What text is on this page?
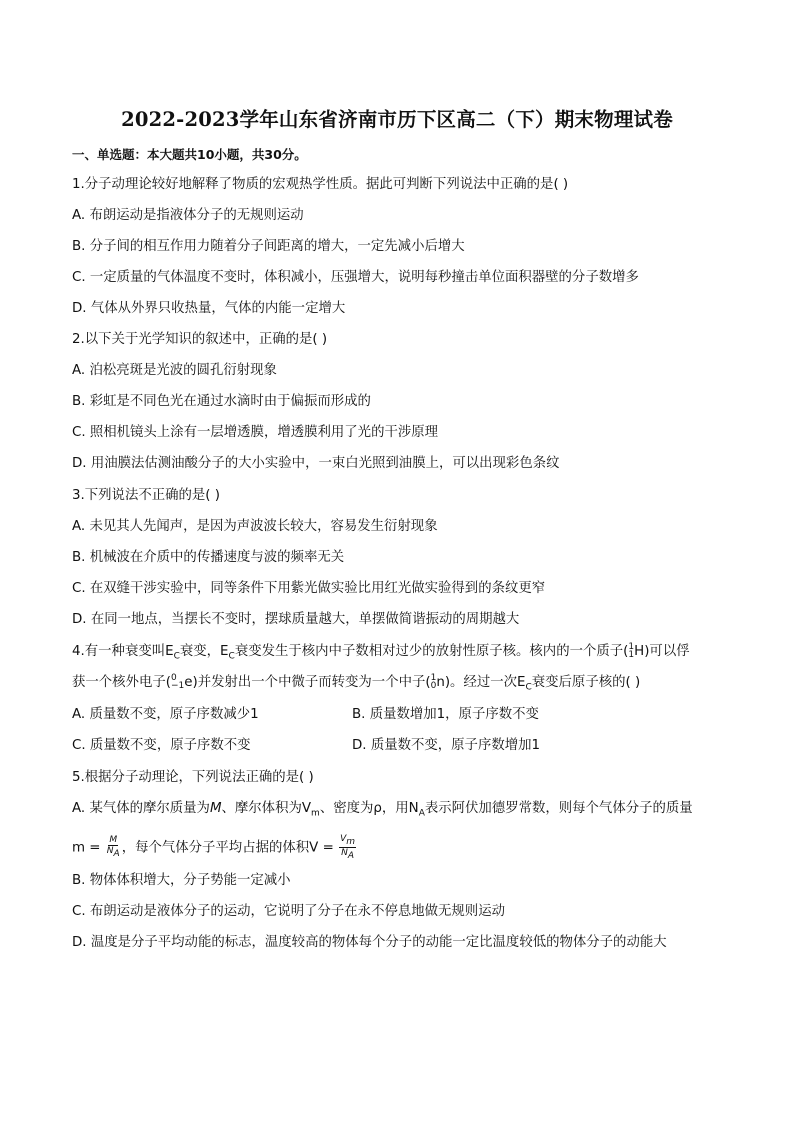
2022-2023学年山东省济南市历下区高二（下）期末物理试卷
一、单选题：本大题共10小题，共30分。
1.分子动理论较好地解释了物质的宏观热学性质。据此可判断下列说法中正确的是( )
A. 布朗运动是指液体分子的无规则运动
B. 分子间的相互作用力随着分子间距离的增大，一定先减小后增大
C. 一定质量的气体温度不变时，体积减小，压强增大，说明每秒撞击单位面积器壁的分子数增多
D. 气体从外界只收热量，气体的内能一定增大
2.以下关于光学知识的叙述中，正确的是( )
A. 泊松亮斑是光波的圆孔衍射现象
B. 彩虹是不同色光在通过水滴时由于偏振而形成的
C. 照相机镜头上涂有一层增透膜，增透膜利用了光的干涉原理
D. 用油膜法估测油酸分子的大小实验中，一束白光照到油膜上，可以出现彩色条纹
3.下列说法不正确的是( )
A. 未见其人先闻声，是因为声波波长较大，容易发生衍射现象
B. 机械波在介质中的传播速度与波的频率无关
C. 在双缝干涉实验中，同等条件下用紫光做实验比用红光做实验得到的条纹更窄
D. 在同一地点，当摆长不变时，摆球质量越大，单摆做简谐振动的周期越大
4.有一种衰变叫$E_C$衰变，$E_C$衰变发生于核内中子数相对过少的放射性原子核。核内的一个质子( 1
1 H)可以俘
获一个核外电子( 0
−1 e)并发射出一个中微子而转变为一个中子( 1
0 n)。经过一次$E_C$衰变后原子核的( )
A. 质量数不变，原子序数减少1	B. 质量数增加1，原子序数不变
C. 质量数不变，原子序数不变	D. 质量数不变，原子序数增加1
5.根据分子动理论，下列说法正确的是( )
A. 某气体的摩尔质量为M、摩尔体积为$V_m$、密度为ρ，用$N_A$表示阿伏加德罗常数，则每个气体分子的质量
$m = \frac{M}{N_A}$ ，每个气体分子平均占据的体积$V = \frac{V_m}{N_A}$
B. 物体体积增大，分子势能一定减小
C. 布朗运动是液体分子的运动，它说明了分子在永不停息地做无规则运动
D. 温度是分子平均动能的标志，温度较高的物体每个分子的动能一定比温度较低的物体分子的动能大
